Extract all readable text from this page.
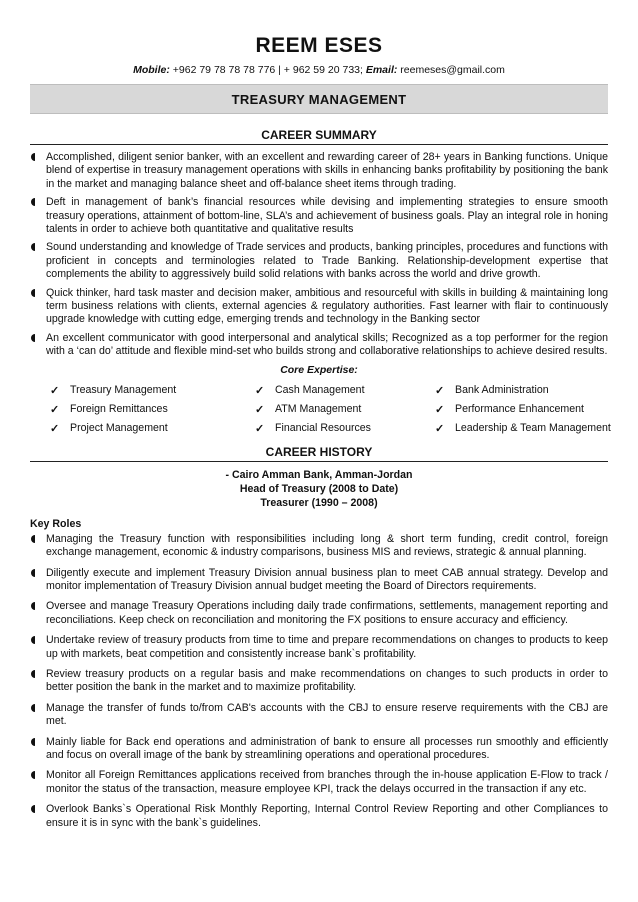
REEM ESES
Mobile: +962 79 78 78 78 776 | + 962 59 20 733; Email: reemeses@gmail.com
TREASURY MANAGEMENT
CAREER SUMMARY
Accomplished, diligent senior banker, with an excellent and rewarding career of 28+ years in Banking functions. Unique blend of expertise in treasury management operations with skills in enhancing banks profitability by positioning the bank in the market and managing balance sheet and off-balance sheet items through trading.
Deft in management of bank’s financial resources while devising and implementing strategies to ensure smooth treasury operations, attainment of bottom-line, SLA’s and achievement of business goals. Play an integral role in honing talents in order to achieve both quantitative and qualitative results
Sound understanding and knowledge of Trade services and products, banking principles, procedures and functions with proficient in concepts and terminologies related to Trade Banking. Relationship-development expertise that complements the ability to aggressively build solid relations with banks across the world and drive growth.
Quick thinker, hard task master and decision maker, ambitious and resourceful with skills in building & maintaining long term business relations with clients, external agencies & regulatory authorities. Fast learner with flair to continuously upgrade knowledge with cutting edge, emerging trends and technology in the Banking sector
An excellent communicator with good interpersonal and analytical skills; Recognized as a top performer for the region with a ‘can do’ attitude and flexible mind-set who builds strong and collaborative relationships to achieve desired results.
Core Expertise:
✓ Treasury Management	✓ Cash Management	✓ Bank Administration
✓ Foreign Remittances	✓ ATM Management	✓ Performance Enhancement
✓ Project Management	✓ Financial Resources	✓ Leadership & Team Management
CAREER HISTORY
- Cairo Amman Bank, Amman-Jordan
Head of Treasury (2008 to Date)
Treasurer (1990 – 2008)
Key Roles
Managing the Treasury function with responsibilities including long & short term funding, credit control, foreign exchange management, economic & industry comparisons, business MIS and reviews, strategic & annual planning.
Diligently execute and implement Treasury Division annual business plan to meet CAB annual strategy. Develop and monitor implementation of Treasury Division annual budget meeting the Board of Directors requirements.
Oversee and manage Treasury Operations including daily trade confirmations, settlements, management reporting and reconciliations. Keep check on reconciliation and monitoring the FX positions to ensure accuracy and efficiency.
Undertake review of treasury products from time to time and prepare recommendations on changes to products to keep up with markets, beat competition and consistently increase bank`s profitability.
Review treasury products on a regular basis and make recommendations on changes to such products in order to better position the bank in the market and to maximize profitability.
Manage the transfer of funds to/from CAB's accounts with the CBJ to ensure reserve requirements with the CBJ are met.
Mainly liable for Back end operations and administration of bank to ensure all processes run smoothly and efficiently and focus on overall image of the bank by streamlining operations and operational procedures.
Monitor all Foreign Remittances applications received from branches through the in-house application E-Flow to track / monitor the status of the transaction, measure employee KPI, track the delays occurred in the transaction if any etc.
Overlook Banks`s Operational Risk Monthly Reporting, Internal Control Review Reporting and other Compliances to ensure it is in sync with the bank`s guidelines.
